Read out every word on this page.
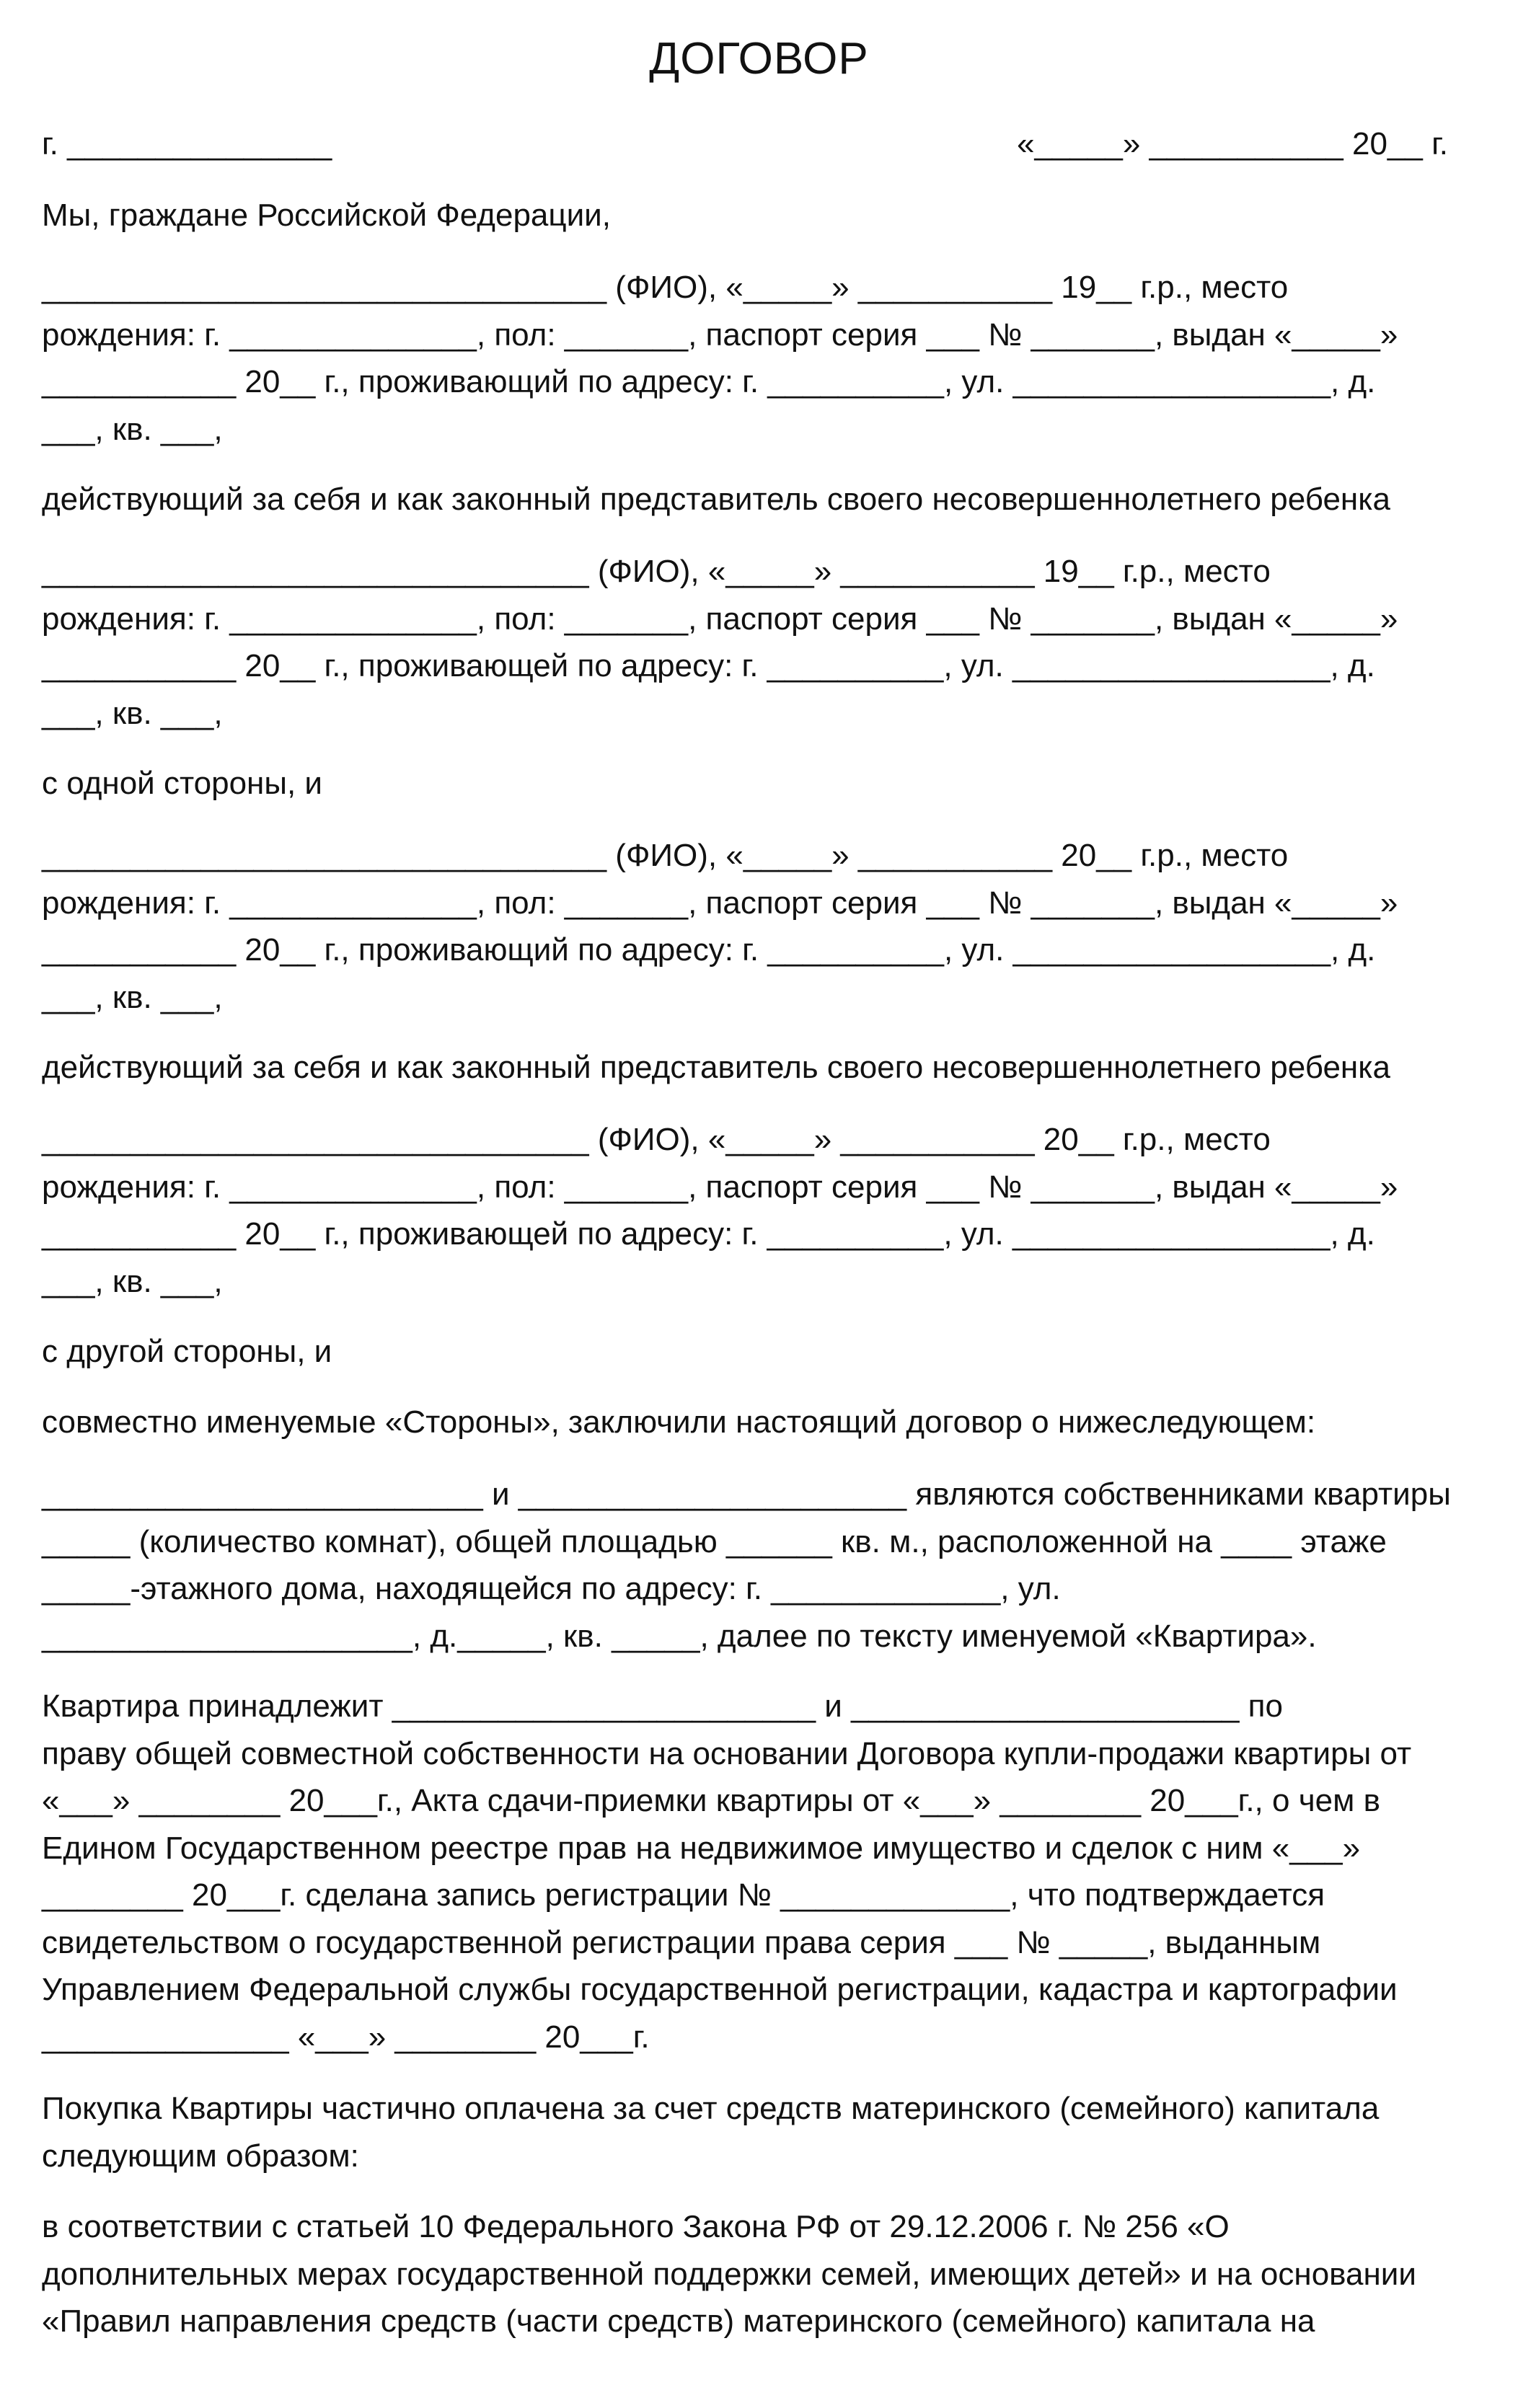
ДОГОВОР
г. _______________	«_____» ___________ 20__ г.
Мы, граждане Российской Федерации,
________________________________ (ФИО), «_____» ___________ 19__ г.р., место
рождения: г. ______________, пол: _______, паспорт серия ___ № _______, выдан «_____»
___________ 20__ г., проживающий по адресу: г. __________, ул. __________________, д.
___, кв. ___,
действующий за себя и как законный представитель своего несовершеннолетнего ребенка
_______________________________ (ФИО), «_____» ___________ 19__ г.р., место
рождения: г. ______________, пол: _______, паспорт серия ___ № _______, выдан «_____»
___________ 20__ г., проживающей по адресу: г. __________, ул. __________________, д.
___, кв. ___,
с одной стороны, и
________________________________ (ФИО), «_____» ___________ 20__ г.р., место
рождения: г. ______________, пол: _______, паспорт серия ___ № _______, выдан «_____»
___________ 20__ г., проживающий по адресу: г. __________, ул. __________________, д.
___, кв. ___,
действующий за себя и как законный представитель своего несовершеннолетнего ребенка
_______________________________ (ФИО), «_____» ___________ 20__ г.р., место
рождения: г. ______________, пол: _______, паспорт серия ___ № _______, выдан «_____»
___________ 20__ г., проживающей по адресу: г. __________, ул. __________________, д.
___, кв. ___,
с другой стороны, и
совместно именуемые «Стороны», заключили настоящий договор о нижеследующем:
_________________________ и ______________________ являются собственниками квартиры
_____ (количество комнат), общей площадью ______ кв. м., расположенной на ____ этаже
_____-этажного дома, находящейся по адресу: г. _____________, ул.
_____________________, д._____, кв. _____, далее по тексту именуемой «Квартира».
Квартира принадлежит ________________________ и ______________________ по
праву общей совместной собственности на основании Договора купли-продажи квартиры от
«___» ________ 20___г., Акта сдачи-приемки квартиры от «___» ________ 20___г., о чем в
Едином Государственном реестре прав на недвижимое имущество и сделок с ним «___»
________ 20___г. сделана запись регистрации № _____________, что подтверждается
свидетельством о государственной регистрации права серия ___ № _____, выданным
Управлением Федеральной службы государственной регистрации, кадастра и картографии
______________ «___» ________ 20___г.
Покупка Квартиры частично оплачена за счет средств материнского (семейного) капитала
следующим образом:
в соответствии с статьей 10 Федерального Закона РФ от 29.12.2006 г. № 256 «О
дополнительных мерах государственной поддержки семей, имеющих детей» и на основании
«Правил направления средств (части средств) материнского (семейного) капитала на
